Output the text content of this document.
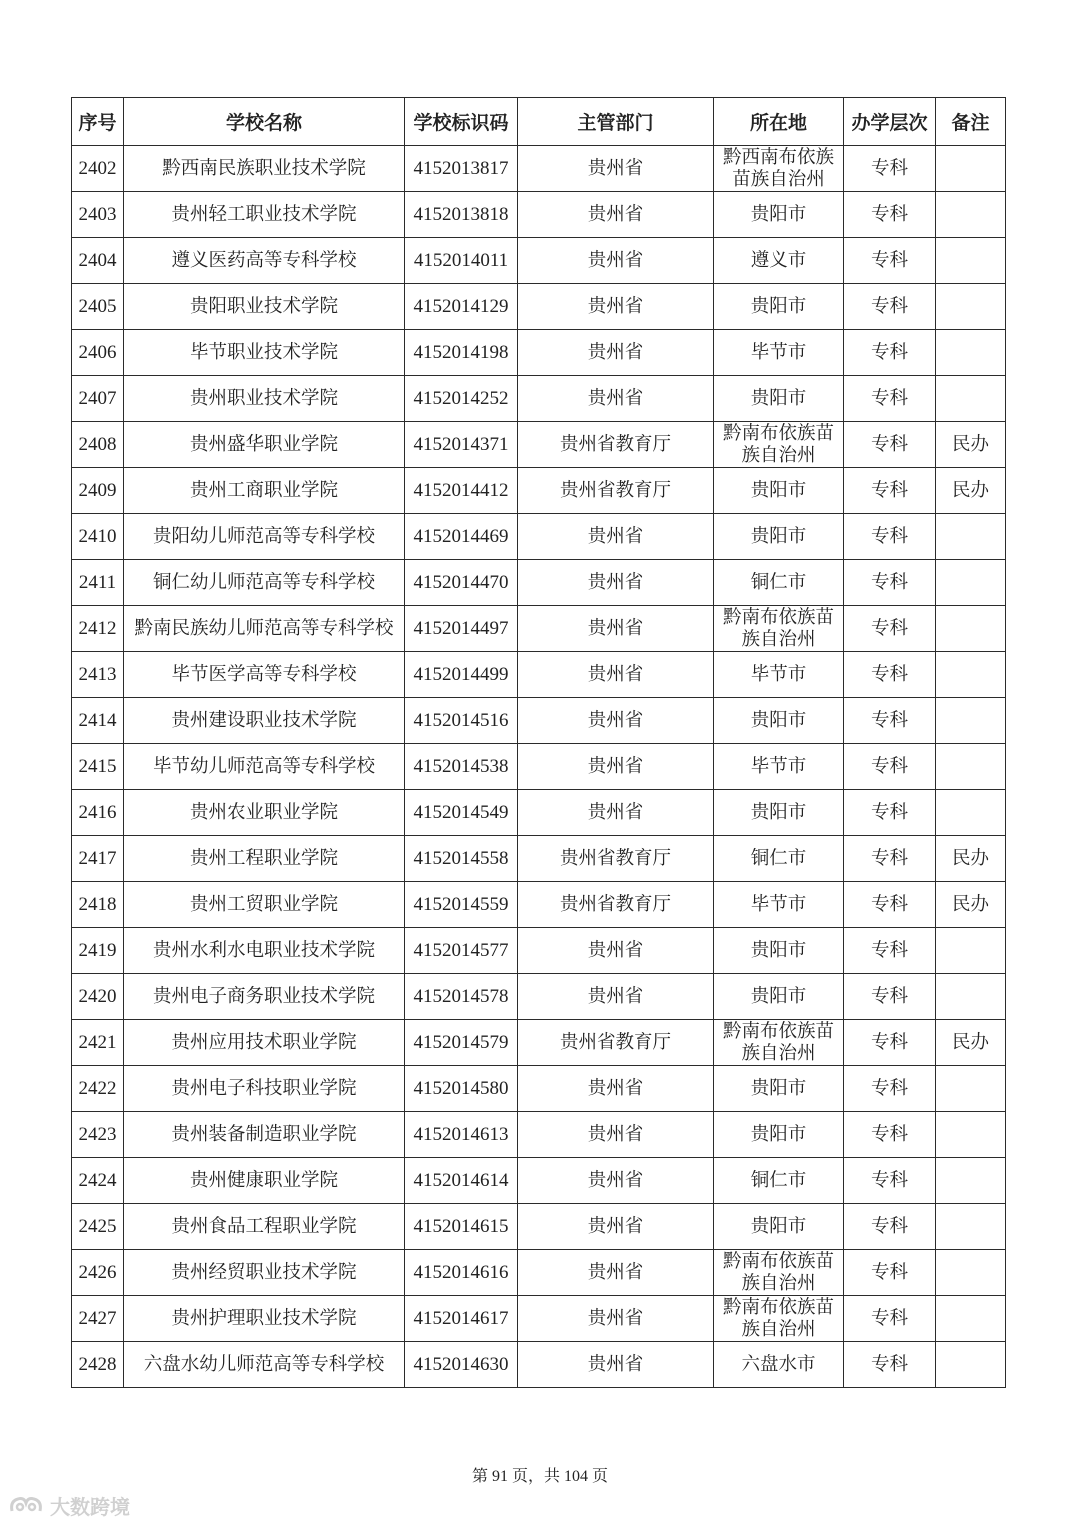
序号	学校名称	学校标识码	主管部门	所在地	办学层次	备注
2402	黔西南民族职业技术学院	4152013817	贵州省	黔西南布依族苗族自治州	专科	
2403	贵州轻工职业技术学院	4152013818	贵州省	贵阳市	专科	
2404	遵义医药高等专科学校	4152014011	贵州省	遵义市	专科	
2405	贵阳职业技术学院	4152014129	贵州省	贵阳市	专科	
2406	毕节职业技术学院	4152014198	贵州省	毕节市	专科	
2407	贵州职业技术学院	4152014252	贵州省	贵阳市	专科	
2408	贵州盛华职业学院	4152014371	贵州省教育厅	黔南布依族苗族自治州	专科	民办
2409	贵州工商职业学院	4152014412	贵州省教育厅	贵阳市	专科	民办
2410	贵阳幼儿师范高等专科学校	4152014469	贵州省	贵阳市	专科	
2411	铜仁幼儿师范高等专科学校	4152014470	贵州省	铜仁市	专科	
2412	黔南民族幼儿师范高等专科学校	4152014497	贵州省	黔南布依族苗族自治州	专科	
2413	毕节医学高等专科学校	4152014499	贵州省	毕节市	专科	
2414	贵州建设职业技术学院	4152014516	贵州省	贵阳市	专科	
2415	毕节幼儿师范高等专科学校	4152014538	贵州省	毕节市	专科	
2416	贵州农业职业学院	4152014549	贵州省	贵阳市	专科	
2417	贵州工程职业学院	4152014558	贵州省教育厅	铜仁市	专科	民办
2418	贵州工贸职业学院	4152014559	贵州省教育厅	毕节市	专科	民办
2419	贵州水利水电职业技术学院	4152014577	贵州省	贵阳市	专科	
2420	贵州电子商务职业技术学院	4152014578	贵州省	贵阳市	专科	
2421	贵州应用技术职业学院	4152014579	贵州省教育厅	黔南布依族苗族自治州	专科	民办
2422	贵州电子科技职业学院	4152014580	贵州省	贵阳市	专科	
2423	贵州装备制造职业学院	4152014613	贵州省	贵阳市	专科	
2424	贵州健康职业学院	4152014614	贵州省	铜仁市	专科	
2425	贵州食品工程职业学院	4152014615	贵州省	贵阳市	专科	
2426	贵州经贸职业技术学院	4152014616	贵州省	黔南布依族苗族自治州	专科	
2427	贵州护理职业技术学院	4152014617	贵州省	黔南布依族苗族自治州	专科	
2428	六盘水幼儿师范高等专科学校	4152014630	贵州省	六盘水市	专科	
第 91 页，共 104 页
大数跨境
